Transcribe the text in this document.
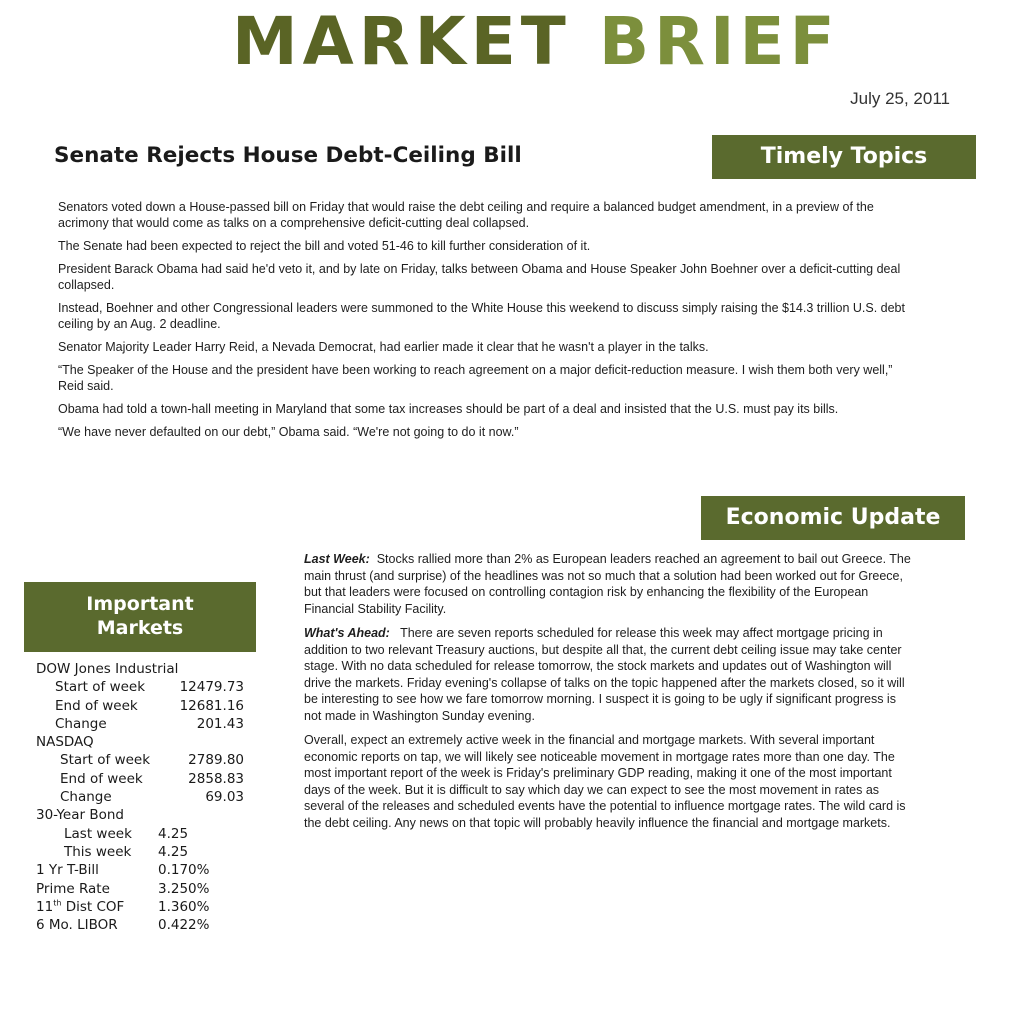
MARKET BRIEF
July 25, 2011
Timely Topics
Senate Rejects House Debt-Ceiling Bill

Senators voted down a House-passed bill on Friday that would raise the debt ceiling and require a balanced budget amendment, in a preview of the acrimony that would come as talks on a comprehensive deficit-cutting deal collapsed.

The Senate had been expected to reject the bill and voted 51-46 to kill further consideration of it.

President Barack Obama had said he'd veto it, and by late on Friday, talks between Obama and House Speaker John Boehner over a deficit-cutting deal collapsed.

Instead, Boehner and other Congressional leaders were summoned to the White House this weekend to discuss simply raising the $14.3 trillion U.S. debt ceiling by an Aug. 2 deadline.

Senator Majority Leader Harry Reid, a Nevada Democrat, had earlier made it clear that he wasn't a player in the talks.

“The Speaker of the House and the president have been working to reach agreement on a major deficit-reduction measure. I wish them both very well,” Reid said.

Obama had told a town-hall meeting in Maryland that some tax increases should be part of a deal and insisted that the U.S. must pay its bills.

“We have never defaulted on our debt,” Obama said. “We're not going to do it now.”

Economic Update

Last Week: Stocks rallied more than 2% as European leaders reached an agreement to bail out Greece. The main thrust (and surprise) of the headlines was not so much that a solution had been worked out for Greece, but that leaders were focused on controlling contagion risk by enhancing the flexibility of the European Financial Stability Facility.

What's Ahead: There are seven reports scheduled for release this week may affect mortgage pricing in addition to two relevant Treasury auctions, but despite all that, the current debt ceiling issue may take center stage. With no data scheduled for release tomorrow, the stock markets and updates out of Washington will drive the markets. Friday evening's collapse of talks on the topic happened after the markets closed, so it will be interesting to see how we fare tomorrow morning. I suspect it is going to be ugly if significant progress is not made in Washington Sunday evening.

Overall, expect an extremely active week in the financial and mortgage markets. With several important economic reports on tap, we will likely see noticeable movement in mortgage rates more than one day. The most important report of the week is Friday's preliminary GDP reading, making it one of the most important days of the week. But it is difficult to say which day we can expect to see the most movement in rates as several of the releases and scheduled events have the potential to influence mortgage rates. The wild card is the debt ceiling. Any news on that topic will probably heavily influence the financial and mortgage markets.

Important
Markets
DOW Jones Industrial
Start of week	12479.73
End of week	12681.16
Change	201.43
NASDAQ
Start of week	2789.80
End of week	2858.83
Change	69.03
30-Year Bond
Last week 4.25
This week 4.25
1 Yr T-Bill	0.170%
Prime Rate	3.250%
11th Dist COF 1.360%
6 Mo. LIBOR	0.422%
